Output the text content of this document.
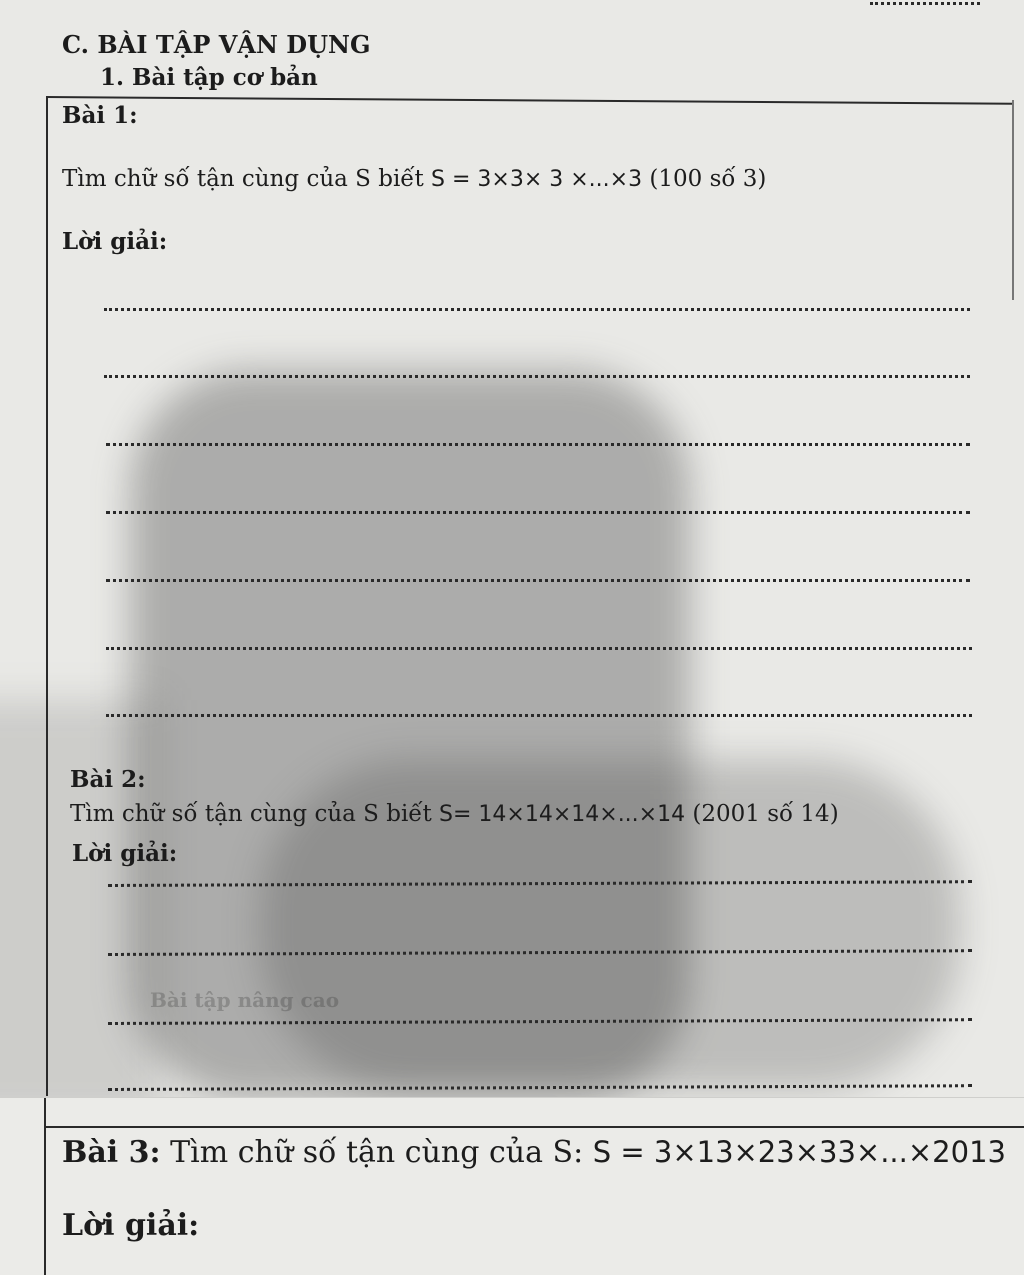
C. BÀI TẬP VẬN DỤNG
1. Bài tập cơ bản
Bài 1:
Tìm chữ số tận cùng của S biết S = 3×3× 3 ×...×3 (100 số 3)
Lời giải:
Bài 2:
Tìm chữ số tận cùng của S biết S= 14×14×14×...×14 (2001 số 14)
Lời giải:
Bài tập nâng cao
Bài 3: Tìm chữ số tận cùng của S: S = 3×13×23×33×...×2013
Lời giải:
